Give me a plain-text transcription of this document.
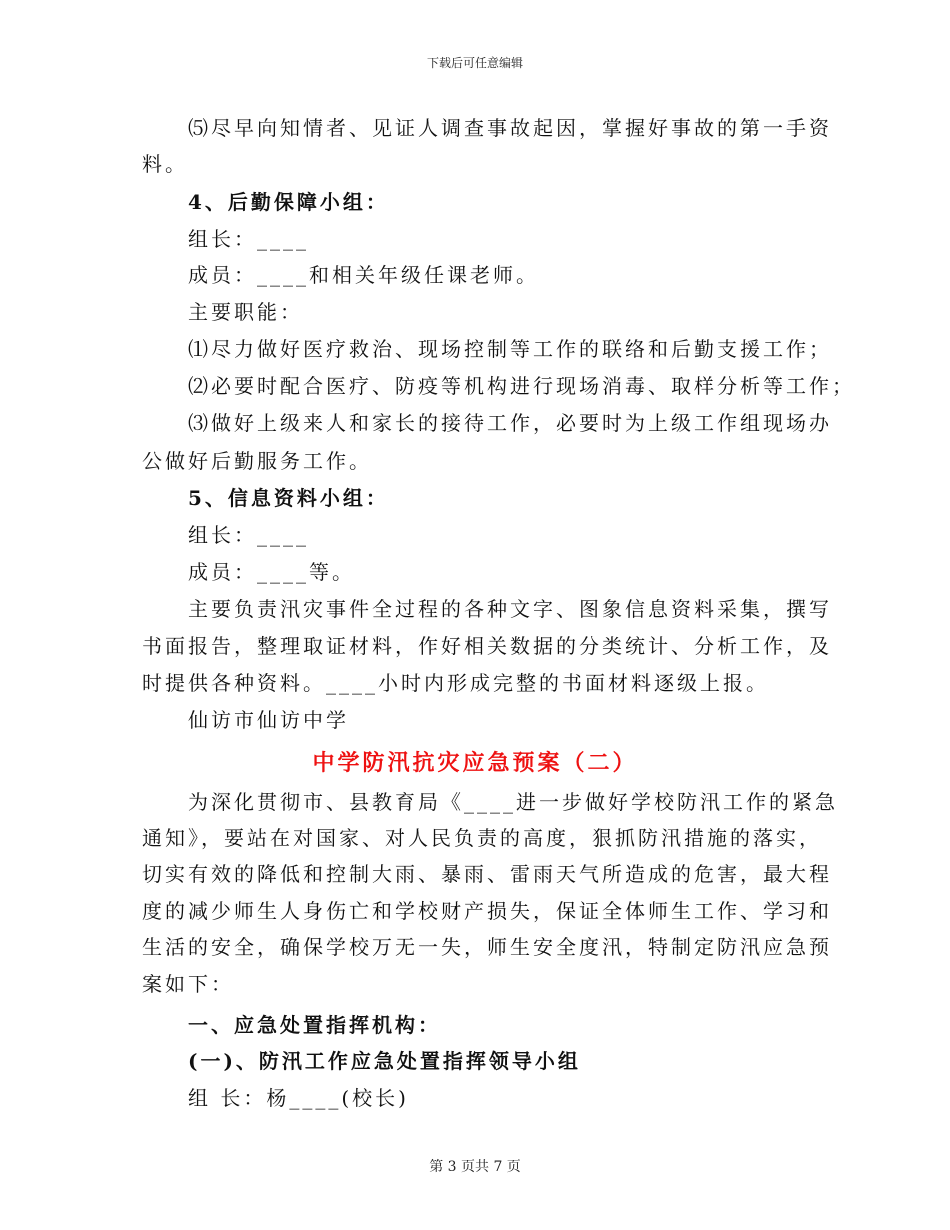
下载后可任意编辑
⑸尽早向知情者、见证人调查事故起因，掌握好事故的第一手资
料。
4、后勤保障小组：
组长：____
成员：____和相关年级任课老师。
主要职能：
⑴尽力做好医疗救治、现场控制等工作的联络和后勤支援工作；
⑵必要时配合医疗、防疫等机构进行现场消毒、取样分析等工作；
⑶做好上级来人和家长的接待工作，必要时为上级工作组现场办
公做好后勤服务工作。
5、信息资料小组：
组长：____
成员：____等。
主要负责汛灾事件全过程的各种文字、图象信息资料采集，撰写
书面报告，整理取证材料，作好相关数据的分类统计、分析工作，及
时提供各种资料。____小时内形成完整的书面材料逐级上报。
仙访市仙访中学
中学防汛抗灾应急预案（二）
为深化贯彻市、县教育局《____进一步做好学校防汛工作的紧急
通知》，要站在对国家、对人民负责的高度，狠抓防汛措施的落实，
切实有效的降低和控制大雨、暴雨、雷雨天气所造成的危害，最大程
度的减少师生人身伤亡和学校财产损失，保证全体师生工作、学习和
生活的安全，确保学校万无一失，师生安全度汛，特制定防汛应急预
案如下：
一、应急处置指挥机构：
(一)、防汛工作应急处置指挥领导小组
组 长：杨____(校长)
第 3 页共 7 页
